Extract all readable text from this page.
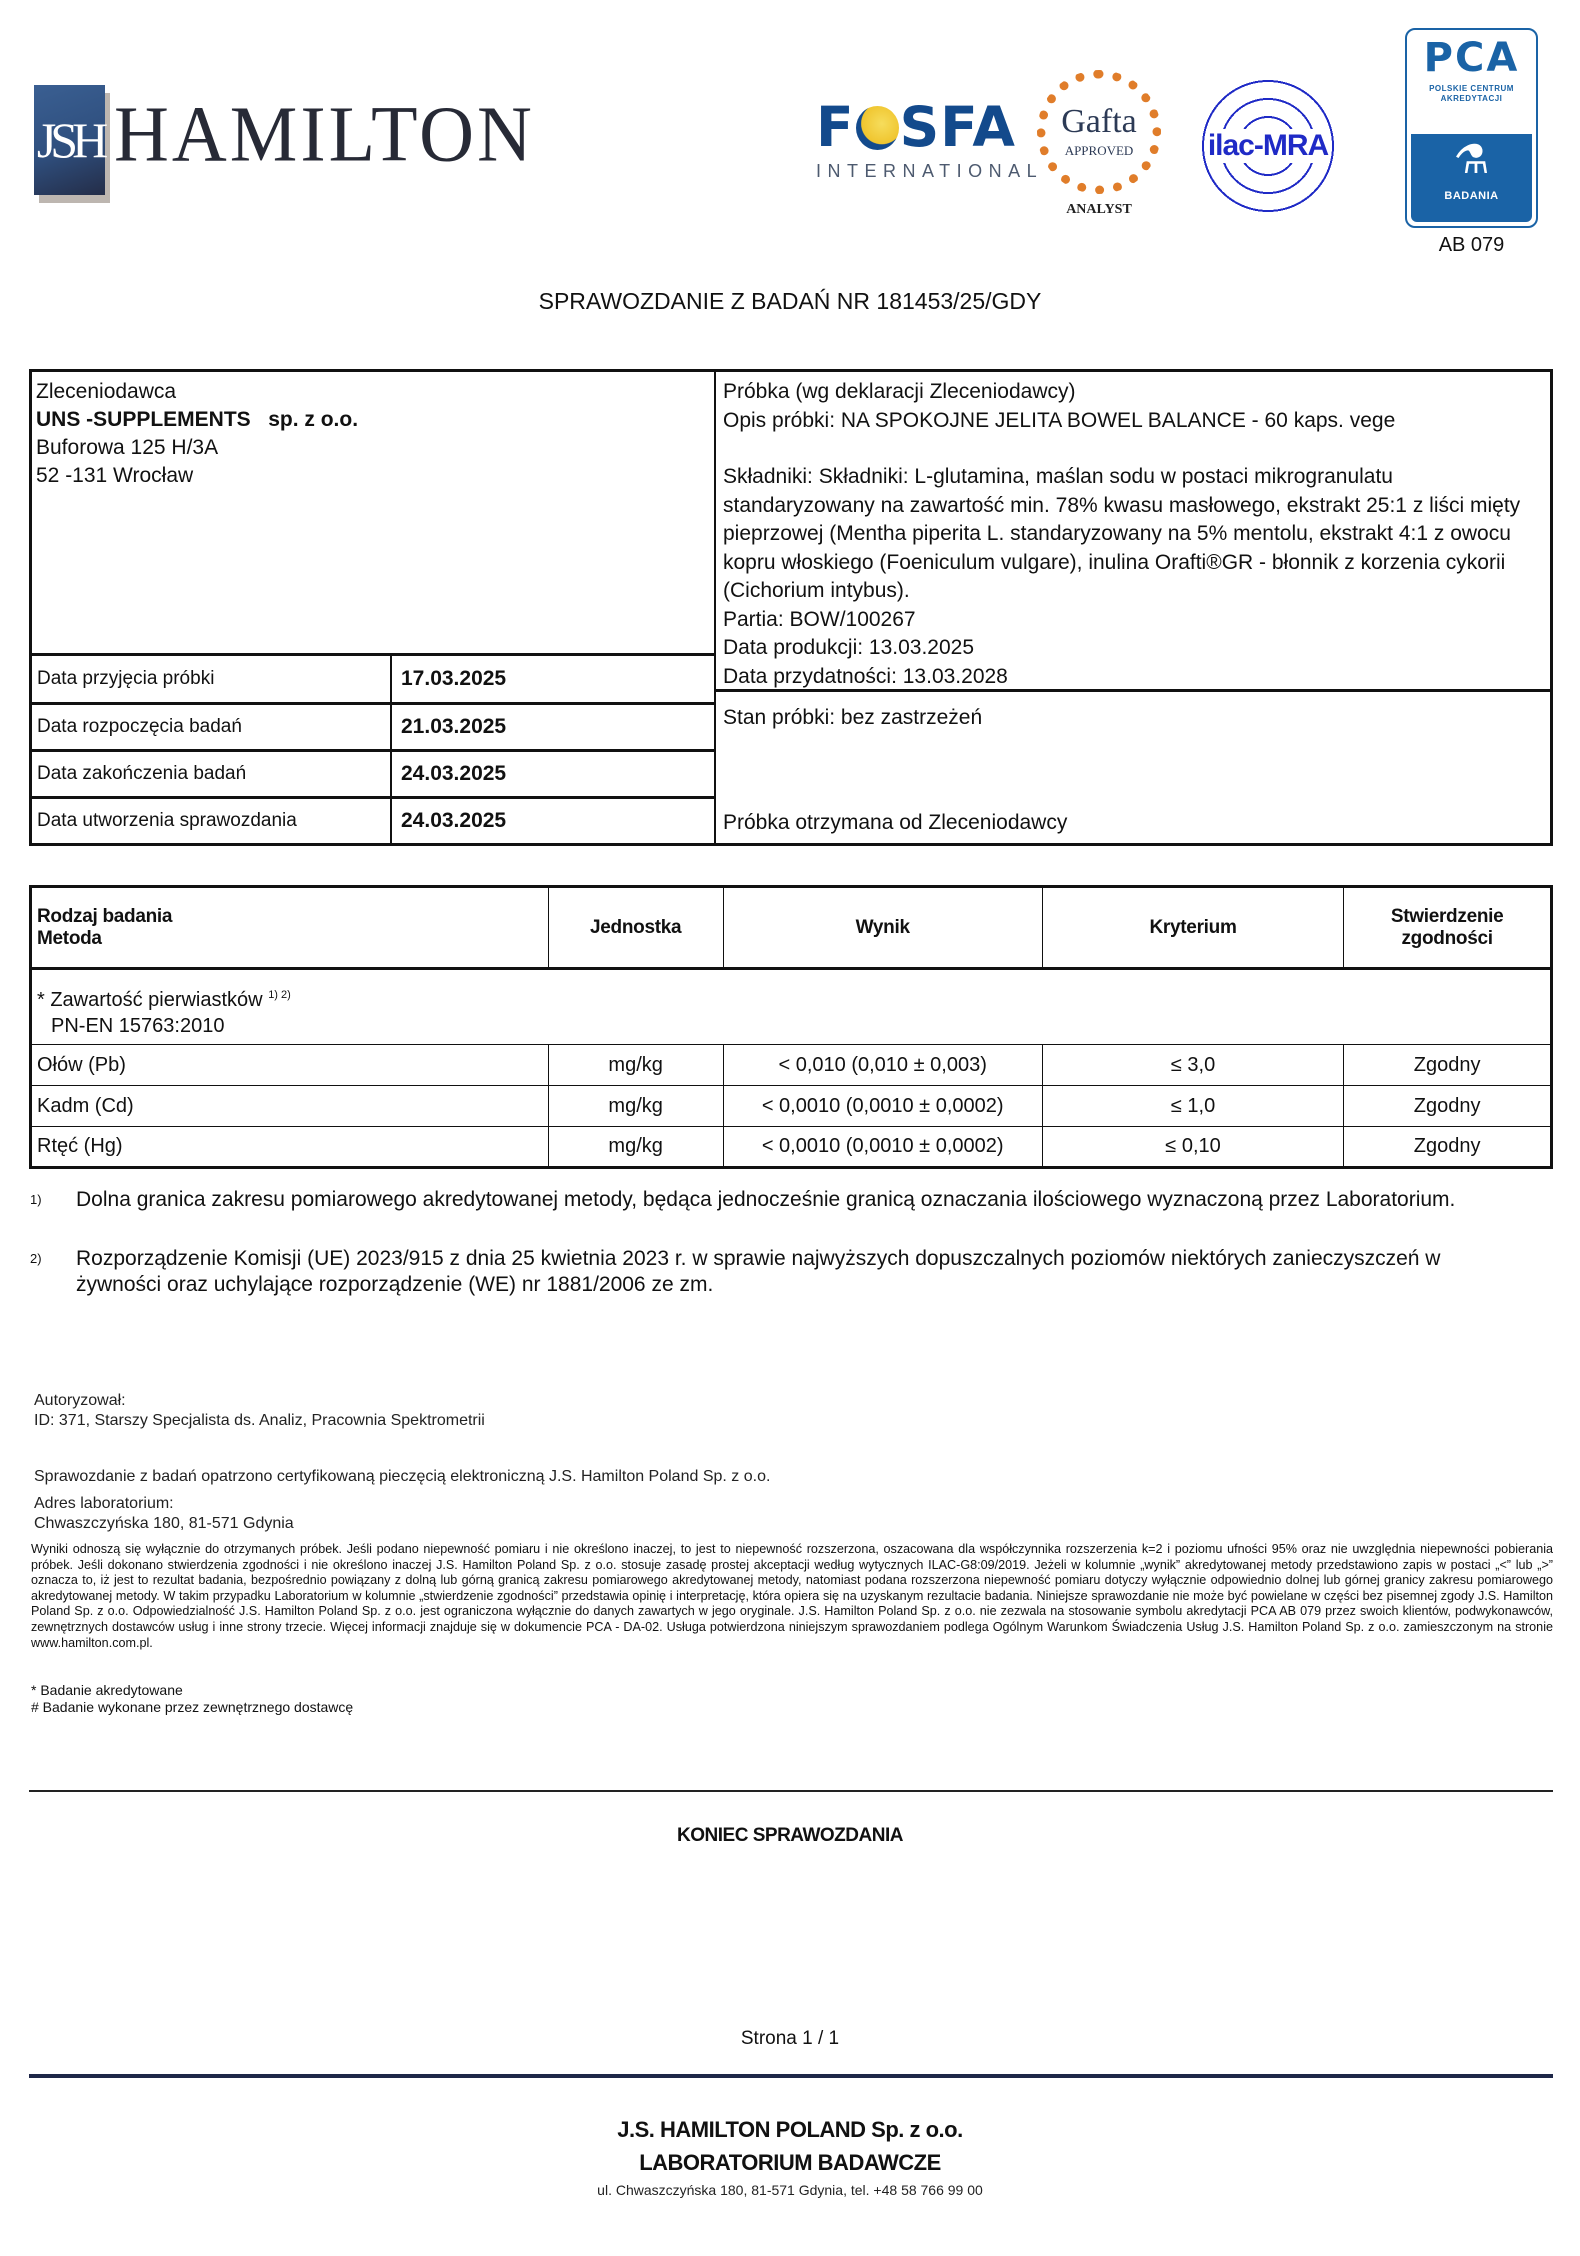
JSH HAMILTON	F SFA
INTERNATIONAL
Gafta
APPROVED
ANALYST
ilac-MRA
PCA
POLSKIE CENTRUM
AKREDYTACJI
⚗
BADANIA
AB 079
SPRAWOZDANIE Z BADAŃ NR 181453/25/GDY
Zleceniodawca
UNS -SUPPLEMENTS sp. z o.o.
Buforowa 125 H/3A
52 -131 Wrocław
Data przyjęcia próbki	17.03.2025
Data rozpoczęcia badań	21.03.2025
Data zakończenia badań	24.03.2025
Data utworzenia sprawozdania	24.03.2025
Próbka (wg deklaracji Zleceniodawcy)
Opis próbki: NA SPOKOJNE JELITA BOWEL BALANCE - 60 kaps. vege
Składniki: Składniki: L-glutamina, maślan sodu w postaci mikrogranulatu standaryzowany na zawartość min. 78% kwasu masłowego, ekstrakt 25:1 z liści mięty pieprzowej (Mentha piperita L. standaryzowany na 5% mentolu, ekstrakt 4:1 z owocu kopru włoskiego (Foeniculum vulgare), inulina Orafti®GR - błonnik z korzenia cykorii (Cichorium intybus).
Partia: BOW/100267
Data produkcji: 13.03.2025
Data przydatności: 13.03.2028
Stan próbki: bez zastrzeżeń
Próbka otrzymana od Zleceniodawcy
Rodzaj badania
Metoda
	Jednostka	Wynik	Kryterium	
Stwierdzenie
zgodności

* Zawartość pierwiastków $^{1) 2)}$
PN-EN 15763:2010				

Ołów (Pb)	mg/kg	< 0,010 (0,010 ± 0,003)	≤ 3,0	Zgodny
Kadm (Cd)	mg/kg	< 0,0010 (0,0010 ± 0,0002)	≤ 1,0	Zgodny
Rtęć (Hg)	mg/kg	< 0,0010 (0,0010 ± 0,0002)	≤ 0,10	Zgodny
1)	Dolna granica zakresu pomiarowego akredytowanej metody, będąca jednocześnie granicą oznaczania ilościowego wyznaczoną przez Laboratorium.
2)	Rozporządzenie Komisji (UE) 2023/915 z dnia 25 kwietnia 2023 r. w sprawie najwyższych dopuszczalnych poziomów niektórych zanieczyszczeń w żywności oraz uchylające rozporządzenie (WE) nr 1881/2006 ze zm.
Autoryzował:
ID: 371, Starszy Specjalista ds. Analiz, Pracownia Spektrometrii
Sprawozdanie z badań opatrzono certyfikowaną pieczęcią elektroniczną J.S. Hamilton Poland Sp. z o.o.
Adres laboratorium:
Chwaszczyńska 180, 81-571 Gdynia
Wyniki odnoszą się wyłącznie do otrzymanych próbek. Jeśli podano niepewność pomiaru i nie określono inaczej, to jest to niepewność rozszerzona, oszacowana dla współczynnika rozszerzenia k=2 i poziomu ufności 95% oraz nie uwzględnia niepewności pobierania próbek. Jeśli dokonano stwierdzenia zgodności i nie określono inaczej J.S. Hamilton Poland Sp. z o.o. stosuje zasadę prostej akceptacji według wytycznych ILAC-G8:09/2019. Jeżeli w kolumnie „wynik” akredytowanej metody przedstawiono zapis w postaci „<” lub „>” oznacza to, iż jest to rezultat badania, bezpośrednio powiązany z dolną lub górną granicą zakresu pomiarowego akredytowanej metody, natomiast podana rozszerzona niepewność pomiaru dotyczy wyłącznie odpowiednio dolnej lub górnej granicy zakresu pomiarowego akredytowanej metody. W takim przypadku Laboratorium w kolumnie „stwierdzenie zgodności” przedstawia opinię i interpretację, która opiera się na uzyskanym rezultacie badania. Niniejsze sprawozdanie nie może być powielane w części bez pisemnej zgody J.S. Hamilton Poland Sp. z o.o. Odpowiedzialność J.S. Hamilton Poland Sp. z o.o. jest ograniczona wyłącznie do danych zawartych w jego oryginale. J.S. Hamilton Poland Sp. z o.o. nie zezwala na stosowanie symbolu akredytacji PCA AB 079 przez swoich klientów, podwykonawców, zewnętrznych dostawców usług i inne strony trzecie. Więcej informacji znajduje się w dokumencie PCA - DA-02. Usługa potwierdzona niniejszym sprawozdaniem podlega Ogólnym Warunkom Świadczenia Usług J.S. Hamilton Poland Sp. z o.o. zamieszczonym na stronie www.hamilton.com.pl.
* Badanie akredytowane
# Badanie wykonane przez zewnętrznego dostawcę
KONIEC SPRAWOZDANIA
Strona 1 / 1
J.S. HAMILTON POLAND Sp. z o.o.
LABORATORIUM BADAWCZE
ul. Chwaszczyńska 180, 81-571 Gdynia, tel. +48 58 766 99 00
